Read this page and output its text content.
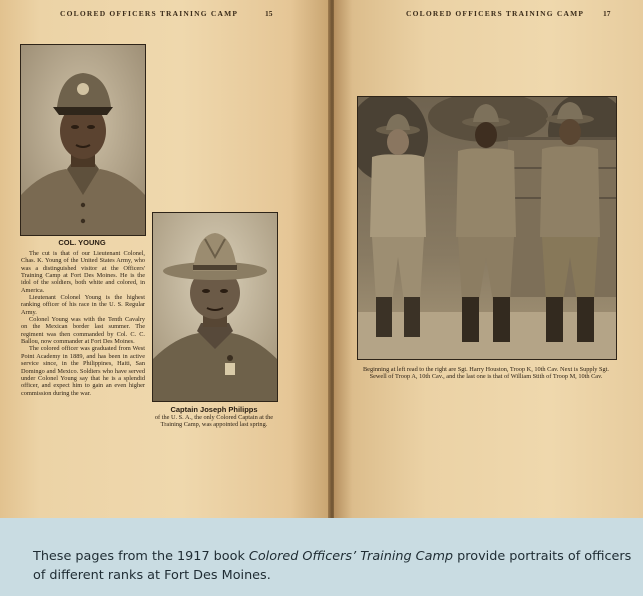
COLORED OFFICERS TRAINING CAMP	15
COL. YOUNG

The cut is that of our Lieutenant Colonel, Chas. K. Young of the United States Army, who was a distinguished visitor at the Officers' Training Camp at Fort Des Moines. He is the idol of the soldiers, both white and colored, in America.

Lieutenant Colonel Young is the highest ranking officer of his race in the U. S. Regular Army.

Colonel Young was with the Tenth Cavalry on the Mexican border last summer. The regiment was then commanded by Col. C. C. Ballou, now commander at Fort Des Moines.

The colored officer was graduated from West Point Academy in 1889, and has been in active service since, in the Philippines, Haiti, San Domingo and Mexico. Soldiers who have served under Colonel Young say that he is a splendid officer, and expect him to gain an even higher commission during the war.

Captain Joseph Philipps
of the U. S. A., the only Colored Captain at the Training Camp, was appointed last spring.
COLORED OFFICERS TRAINING CAMP	17
Beginning at left read to the right are Sgt. Harry Houston, Troop K, 10th Cav. Next is Supply Sgt. Sewell of Troop A, 10th Cav., and the last one is that of William Stith of Troop M, 10th Cav.

These pages from the 1917 book Colored Officers’ Training Camp provide portraits of officers of different ranks at Fort Des Moines.
